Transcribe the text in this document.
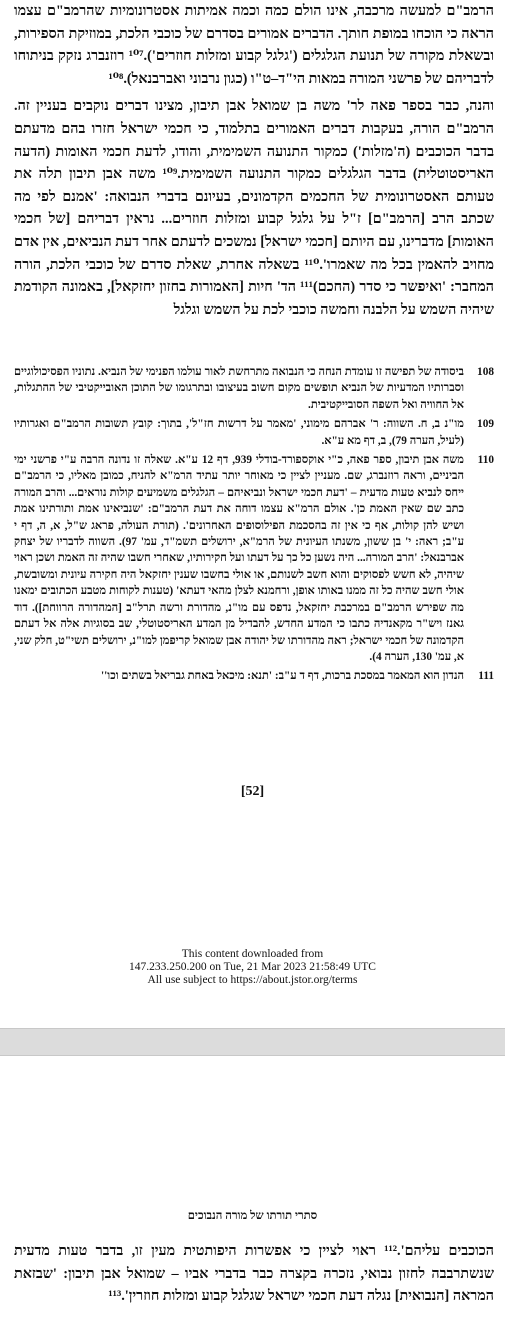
הרמב"ם למעשה מרכבה, אינו הולם כמה וכמה אמיתות אסטרונומיות שהרמב"ם עצמו הראה כי הוכחו במופת חותך. הדברים אמורים בסדרם של כוכבי הלכת, במוזיקת הספירות, ובשאלת מקורה של תנועת הגלגלים ('גלגל קבוע ומזלות חוזרים').¹⁰⁷ רוזנברג נזקק בניתוחו לדבריהם של פרשני המורה במאות הי"ד–ט"ו (כגון נרבוני ואברבנאל).¹⁰⁸

והנה, כבר בספר פאה לר' משה בן שמואל אבן תיבון, מצינו דברים נוקבים בעניין זה. הרמב"ם הורה, בעקבות דברים האמורים בתלמוד, כי חכמי ישראל חזרו בהם מדעתם בדבר הכוכבים (ה'מזלות') כמקור התנועה השמימית, והודו, לדעת חכמי האומות (הדעה האריסטוטלית) בדבר הגלגלים כמקור התנועה השמימית.¹⁰⁹ משה אבן תיבון תלה את טעותם האסטרונומית של החכמים הקדמונים, בעיונם בדברי הנבואה: 'אמנם לפי מה שכתב הרב [הרמב"ם] ז"ל על גלגל קבוע ומזלות חוזרים... נראין דבריהם [של חכמי האומות] מדברינו, עם היותם [חכמי ישראל] נמשכים לדעתם אחר דעת הנביאים, אין אדם מחויב להאמין בכל מה שאמרו'.¹¹⁰ בשאלה אחרת, שאלת סדרם של כוכבי הלכת, הורה המחבר: 'ואיפשר כי סדר (החכם)¹¹¹ הד' חיות [האמורות בחזון יחזקאל], באמונה הקודמת שיהיה השמש על הלבנה וחמשה כוכבי לכת על השמש וגלגל

108
ביסודה של תפישה זו עומדת הנחה כי הנבואה מתרחשת לאור עולמו הפנימי של הנביא. נתוניו הפסיכולוגיים וסברותיו המדעיות של הנביא תופשים מקום חשוב בעיצובו ובתרגומו של התוכן האובייקטיבי של ההתגלות, אל החוויה ואל השפה הסובייקטיבית.
109
מו"נ ב, ח. השווה: ר' אברהם מימוני, 'מאמר על דרשות חז"ל', בתוך: קובץ תשובות הרמב"ם ואגרותיו (לעיל, הערה 79), ב, דף מא ע"א.
110
משה אבן תיבון, ספר פאה, כ"י אוקספורד-בודלי 939, דף 12 ע"א. שאלה זו נדונה הרבה ע"י פרשני ימי הביניים, וראה רוזנברג, שם. מעניין לציין כי מאוחר יותר עתיד הרמ"א להניח, כמובן מאליו, כי הרמב"ם ייחס לנביא טעות מדעית – 'דעת חכמי ישראל ונביאיהם – הגלגלים משמיעים קולות נוראים... והרב המורה כתב שם שאין האמת כן'. אולם הרמ"א עצמו דוחה את דעת הרמב"ם: 'שנביאינו אמת ותורתינו אמת ושיש להן קולות, אף כי אין זה בהסכמת הפילוסופים האחרונים'. (תורת העולה, פראג ש"ל, א, ה, דף י ע"ב; ראה: י' בן ששון, משנתו העיונית של הרמ"א, ירושלים תשמ"ד, עמ' 97). השווה לדבריו של יצחק אברבנאל: 'הרב המורה... היה נשען כל כך על דעתו ועל חקירותיו, שאחרי חשבו שהיה זה האמת ושכן ראוי שיהיה, לא חשש לפסוקים והוא חשב לשנותם, או אולי בחשבו שענין יחזקאל היה חקירה עיונית ומשובשת, אולי חשב שהיה כל זה ממנו באותו אופן, ורחמנא לצלן מהאי דעתא' (טענות לקוחות מטבע הכתובים ימאנו מה שפירש הרמב"ם במרכבת יחזקאל, נדפס עם מו"נ, מהדורת ורשה תרל"ב [המהדורה הרווחת]). דוד גאנז ויש"ר מקאנדיה כתבו כי המדע החדש, להבדיל מן המדע האריסטוטלי, שב בסוגיות אלה אל דעתם הקדמונה של חכמי ישראל; ראה מהדורתו של יהודה אבן שמואל קריפמן למו"נ, ירושלים תשי"ט, חלק שני, א, עמ' 130, הערה 4).
111
הנדון הוא המאמר במסכת ברכות, דף ד ע"ב: 'תנא: מיכאל באחת גבריאל בשתים וכו''
[52]
This content downloaded from
147.233.250.200 on Tue, 21 Mar 2023 21:58:49 UTC
All use subject to https://about.jstor.org/terms
סתרי תורתו של מורה הנבוכים

הכוכבים עליהם'.¹¹² ראוי לציין כי אפשרות היפותטית מעין זו, בדבר טעות מדעית שנשתרבבה לחזון נבואי, נזכרה בקצרה כבר בדברי אביו – שמואל אבן תיבון: 'שבזאת המראה [הנבואית] נגלה דעת חכמי ישראל שגלגל קבוע ומזלות חוזרין'.¹¹³
